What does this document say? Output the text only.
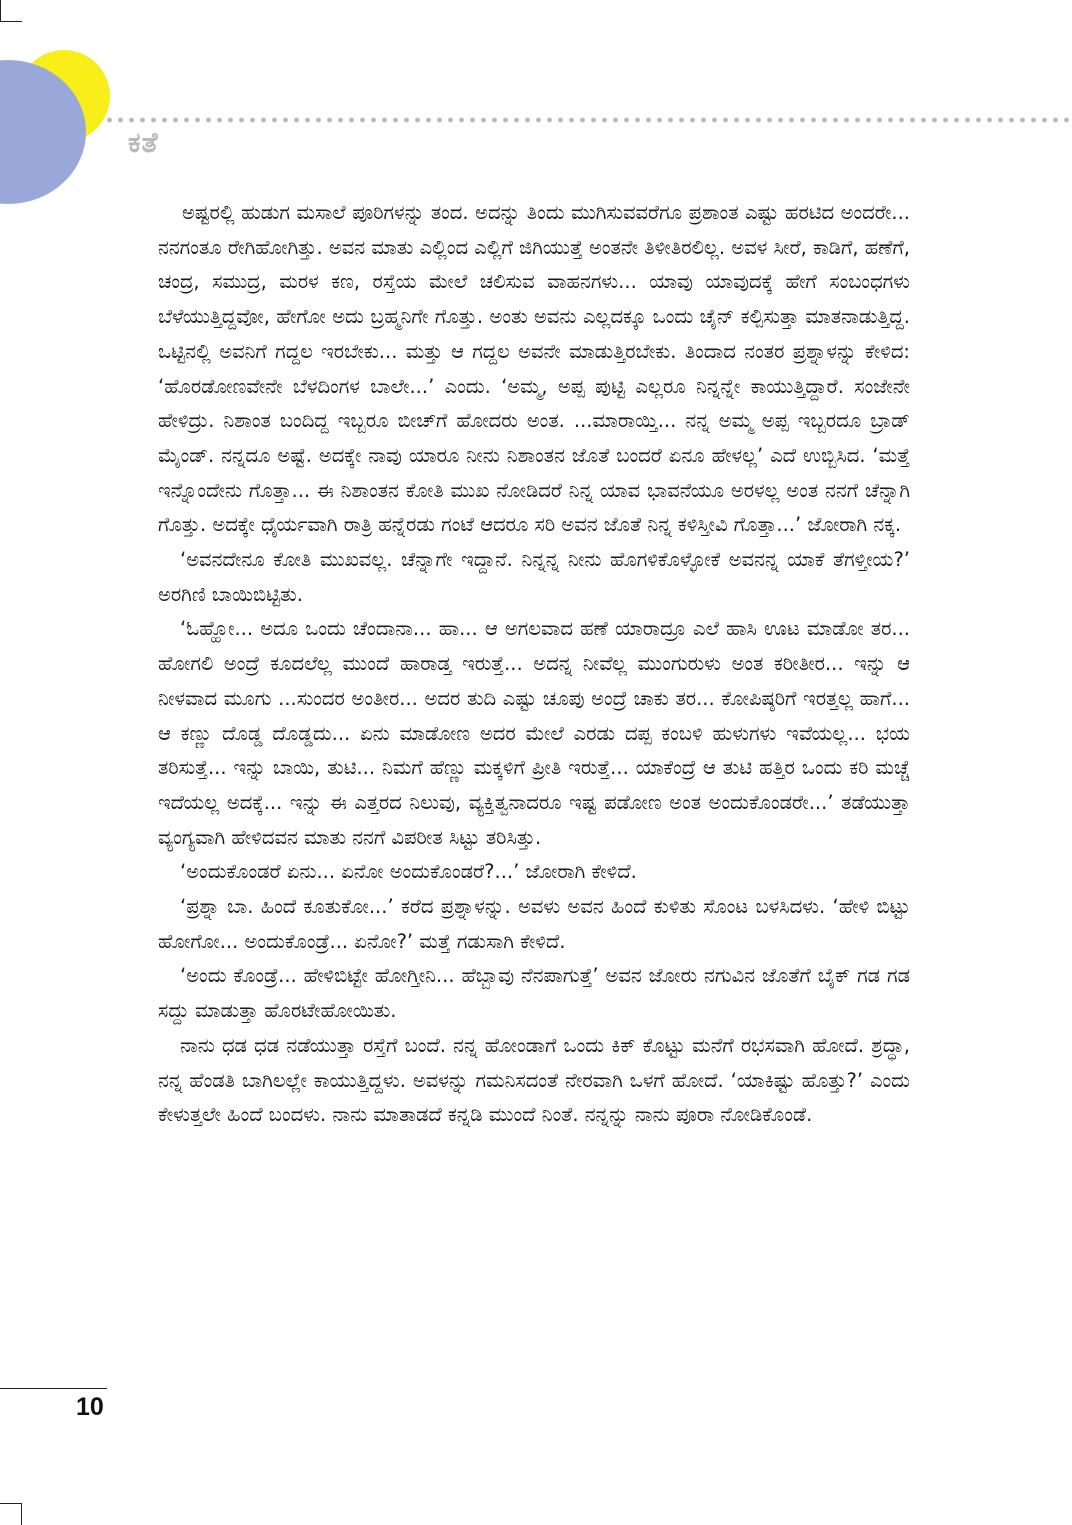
ಕತೆ

ಅಷ್ಟರಲ್ಲಿ ಹುಡುಗ ಮಸಾಲೆ ಪೂರಿಗಳನ್ನು ತಂದ. ಅದನ್ನು ತಿಂದು ಮುಗಿಸುವವರೆಗೂ ಪ್ರಶಾಂತ ಎಷ್ಟು ಹರಟಿದ ಅಂದರೇ... ನನಗಂತೂ ರೇಗಿಹೋಗಿತ್ತು. ಅವನ ಮಾತು ಎಲ್ಲಿಂದ ಎಲ್ಲಿಗೆ ಜಿಗಿಯುತ್ತೆ ಅಂತನೇ ತಿಳೀತಿರಲಿಲ್ಲ. ಅವಳ ಸೀರೆ, ಕಾಡಿಗೆ, ಹಣೆಗೆ, ಚಂದ್ರ, ಸಮುದ್ರ, ಮರಳ ಕಣ, ರಸ್ತೆಯ ಮೇಲೆ ಚಲಿಸುವ ವಾಹನಗಳು... ಯಾವು ಯಾವುದಕ್ಕೆ ಹೇಗೆ ಸಂಬಂಧಗಳು ಬೆಳೆಯುತ್ತಿದ್ದವೋ, ಹೇಗೋ ಅದು ಬ್ರಹ್ಮನಿಗೇ ಗೊತ್ತು. ಅಂತು ಅವನು ಎಲ್ಲದಕ್ಕೂ ಒಂದು ಚೈನ್ ಕಲ್ಪಿಸುತ್ತಾ ಮಾತನಾಡುತ್ತಿದ್ದ. ಒಟ್ಟಿನಲ್ಲಿ ಅವನಿಗೆ ಗದ್ದಲ ಇರಬೇಕು... ಮತ್ತು ಆ ಗದ್ದಲ ಅವನೇ ಮಾಡುತ್ತಿರಬೇಕು. ತಿಂದಾದ ನಂತರ ಪ್ರಶ್ನಾಳನ್ನು ಕೇಳಿದ: ‘ಹೊರಡೋಣವೇನೇ ಬೆಳದಿಂಗಳ ಬಾಲೇ...’ ಎಂದು. ‘ಅಮ್ಮ, ಅಪ್ಪ ಪುಟ್ಟಿ ಎಲ್ಲರೂ ನಿನ್ನನ್ನೇ ಕಾಯುತ್ತಿದ್ದಾರೆ. ಸಂಜೇನೇ ಹೇಳಿದ್ರು. ನಿಶಾಂತ ಬಂದಿದ್ದ ಇಬ್ಬರೂ ಬೀಚ್‌ಗೆ ಹೋದರು ಅಂತ. ...ಮಾರಾಯ್ತಿ... ನನ್ನ ಅಮ್ಮ ಅಪ್ಪ ಇಬ್ಬರದೂ ಬ್ರಾಡ್ ಮೈಂಡ್. ನನ್ನದೂ ಅಷ್ಟೆ. ಅದಕ್ಕೇ ನಾವು ಯಾರೂ ನೀನು ನಿಶಾಂತನ ಜೊತೆ ಬಂದರೆ ಏನೂ ಹೇಳಲ್ಲ’ ಎದೆ ಉಬ್ಬಿಸಿದ. ‘ಮತ್ತೆ ಇನ್ನೊಂದೇನು ಗೊತ್ತಾ... ಈ ನಿಶಾಂತನ ಕೋತಿ ಮುಖ ನೋಡಿದರೆ ನಿನ್ನ ಯಾವ ಭಾವನೆಯೂ ಅರಳಲ್ಲ ಅಂತ ನನಗೆ ಚೆನ್ನಾಗಿ ಗೊತ್ತು. ಅದಕ್ಕೇ ಧೈರ್ಯವಾಗಿ ರಾತ್ರಿ ಹನ್ನೆರಡು ಗಂಟೆ ಆದರೂ ಸರಿ ಅವನ ಜೊತೆ ನಿನ್ನ ಕಳಿಸ್ತೀವಿ ಗೊತ್ತಾ...’ ಜೋರಾಗಿ ನಕ್ಕ.

‘ಅವನದೇನೂ ಕೋತಿ ಮುಖವಲ್ಲ. ಚೆನ್ನಾಗೇ ಇದ್ದಾನೆ. ನಿನ್ನನ್ನ ನೀನು ಹೊಗಳಿಕೊಳ್ಳೋಕೆ ಅವನನ್ನ ಯಾಕೆ ತೆಗಳ್ತೀಯ?’ ಅರಗಿಣಿ ಬಾಯಿಬಿಟ್ಟಿತು.

‘ಓಹ್ಹೋ... ಅದೂ ಒಂದು ಚೆಂದಾನಾ... ಹಾ... ಆ ಅಗಲವಾದ ಹಣೆ ಯಾರಾದ್ರೂ ಎಲೆ ಹಾಸಿ ಊಟ ಮಾಡೋ ತರ... ಹೋಗಲಿ ಅಂದ್ರೆ ಕೂದಲೆಲ್ಲ ಮುಂದೆ ಹಾರಾಡ್ತ ಇರುತ್ತೆ... ಅದನ್ನ ನೀವೆಲ್ಲ ಮುಂಗುರುಳು ಅಂತ ಕರೀತೀರ... ಇನ್ನು ಆ ನೀಳವಾದ ಮೂಗು ...ಸುಂದರ ಅಂತೀರ... ಅದರ ತುದಿ ಎಷ್ಟು ಚೂಪು ಅಂದ್ರೆ ಚಾಕು ತರ... ಕೋಪಿಷ್ಠರಿಗೆ ಇರತ್ತಲ್ಲ ಹಾಗೆ... ಆ ಕಣ್ಣು ದೊಡ್ಡ ದೊಡ್ಡದು... ಏನು ಮಾಡೋಣ ಅದರ ಮೇಲೆ ಎರಡು ದಪ್ಪ ಕಂಬಳಿ ಹುಳುಗಳು ಇವೆಯಲ್ಲ... ಭಯ ತರಿಸುತ್ತೆ... ಇನ್ನು ಬಾಯಿ, ತುಟಿ... ನಿಮಗೆ ಹೆಣ್ಣು ಮಕ್ಕಳಿಗೆ ಪ್ರೀತಿ ಇರುತ್ತೆ... ಯಾಕೆಂದ್ರೆ ಆ ತುಟಿ ಹತ್ತಿರ ಒಂದು ಕರಿ ಮಚ್ಚೆ ಇದೆಯಲ್ಲ ಅದಕ್ಕೆ... ಇನ್ನು ಈ ಎತ್ತರದ ನಿಲುವು, ವ್ಯಕ್ತಿತ್ವನಾದರೂ ಇಷ್ಟ ಪಡೋಣ ಅಂತ ಅಂದುಕೊಂಡರೇ...’ ತಡೆಯುತ್ತಾ ವ್ಯಂಗ್ಯವಾಗಿ ಹೇಳಿದವನ ಮಾತು ನನಗೆ ವಿಪರೀತ ಸಿಟ್ಟು ತರಿಸಿತ್ತು.

‘ಅಂದುಕೊಂಡರೆ ಏನು... ಏನೋ ಅಂದುಕೊಂಡರೆ?...’ ಜೋರಾಗಿ ಕೇಳಿದೆ.

‘ಪ್ರಶ್ನಾ ಬಾ. ಹಿಂದೆ ಕೂತುಕೋ...’ ಕರೆದ ಪ್ರಶ್ನಾಳನ್ನು. ಅವಳು ಅವನ ಹಿಂದೆ ಕುಳಿತು ಸೊಂಟ ಬಳಸಿದಳು. ‘ಹೇಳಿ ಬಿಟ್ಟು ಹೋಗೋ... ಅಂದುಕೊಂಡ್ರೆ... ಏನೋ?’ ಮತ್ತೆ ಗಡುಸಾಗಿ ಕೇಳಿದೆ.

‘ಅಂದು ಕೊಂಡ್ರೆ... ಹೇಳಿಬಿಟ್ಟೇ ಹೋಗ್ತೀನಿ... ಹೆಬ್ಬಾವು ನೆನಪಾಗುತ್ತೆ’ ಅವನ ಜೋರು ನಗುವಿನ ಜೊತೆಗೆ ಬೈಕ್ ಗಡ ಗಡ ಸದ್ದು ಮಾಡುತ್ತಾ ಹೊರಟೇಹೋಯಿತು.

ನಾನು ಧಡ ಧಡ ನಡೆಯುತ್ತಾ ರಸ್ತೆಗೆ ಬಂದೆ. ನನ್ನ ಹೋಂಡಾಗೆ ಒಂದು ಕಿಕ್ ಕೊಟ್ಟು ಮನೆಗೆ ರಭಸವಾಗಿ ಹೋದೆ. ಶ್ರದ್ಧಾ, ನನ್ನ ಹೆಂಡತಿ ಬಾಗಿಲಲ್ಲೇ ಕಾಯುತ್ತಿದ್ದಳು. ಅವಳನ್ನು ಗಮನಿಸದಂತೆ ನೇರವಾಗಿ ಒಳಗೆ ಹೋದೆ. ‘ಯಾಕಿಷ್ಟು ಹೊತ್ತು?’ ಎಂದು ಕೇಳುತ್ತಲೇ ಹಿಂದೆ ಬಂದಳು. ನಾನು ಮಾತಾಡದೆ ಕನ್ನಡಿ ಮುಂದೆ ನಿಂತೆ. ನನ್ನನ್ನು ನಾನು ಪೂರಾ ನೋಡಿಕೊಂಡೆ.

10
